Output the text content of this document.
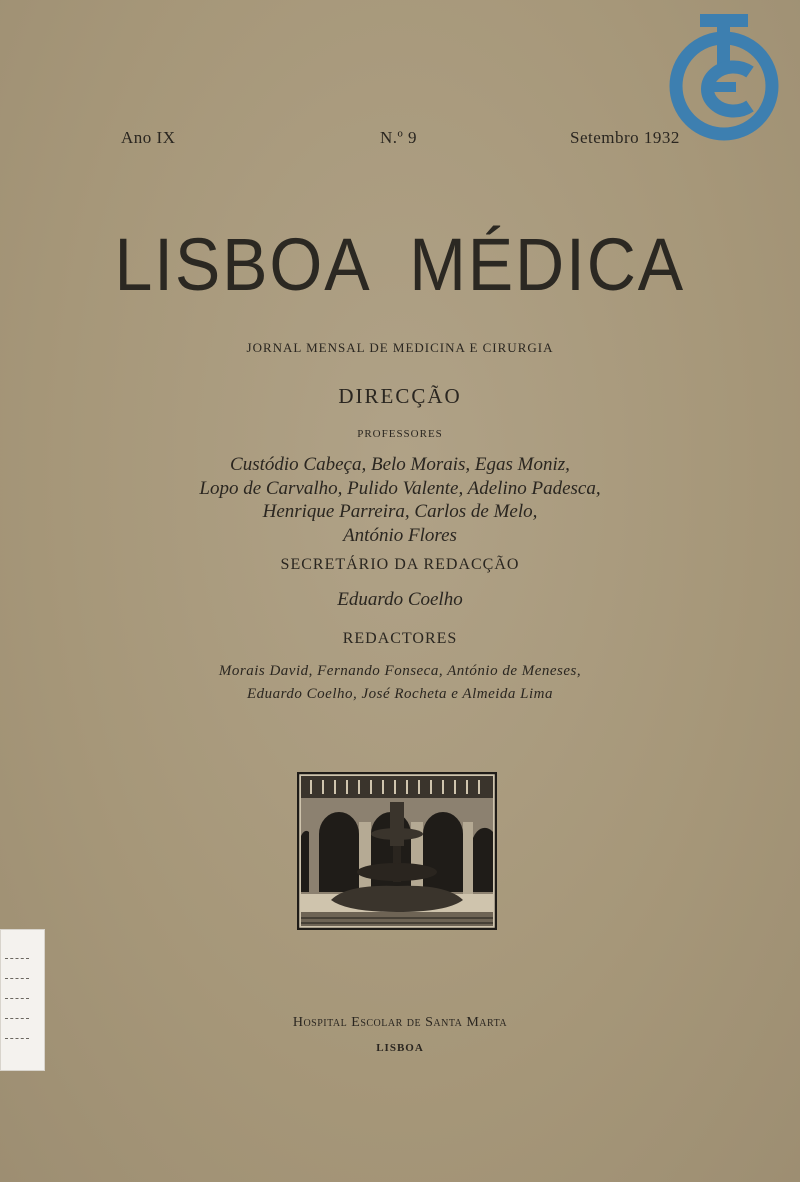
Ano IX	N.º 9	Setembro 1932
LISBOA  MÉDICA
JORNAL MENSAL DE MEDICINA E CIRURGIA
DIRECÇÃO
PROFESSORES
Custódio Cabeça, Belo Morais, Egas Moniz,
Lopo de Carvalho, Pulido Valente, Adelino Padesca,
Henrique Parreira, Carlos de Melo,
António Flores
SECRETÁRIO DA REDACÇÃO
Eduardo Coelho
REDACTORES
Morais David, Fernando Fonseca, António de Meneses,
Eduardo Coelho, José Rocheta e Almeida Lima
Hospital Escolar de Santa Marta
LISBOA
